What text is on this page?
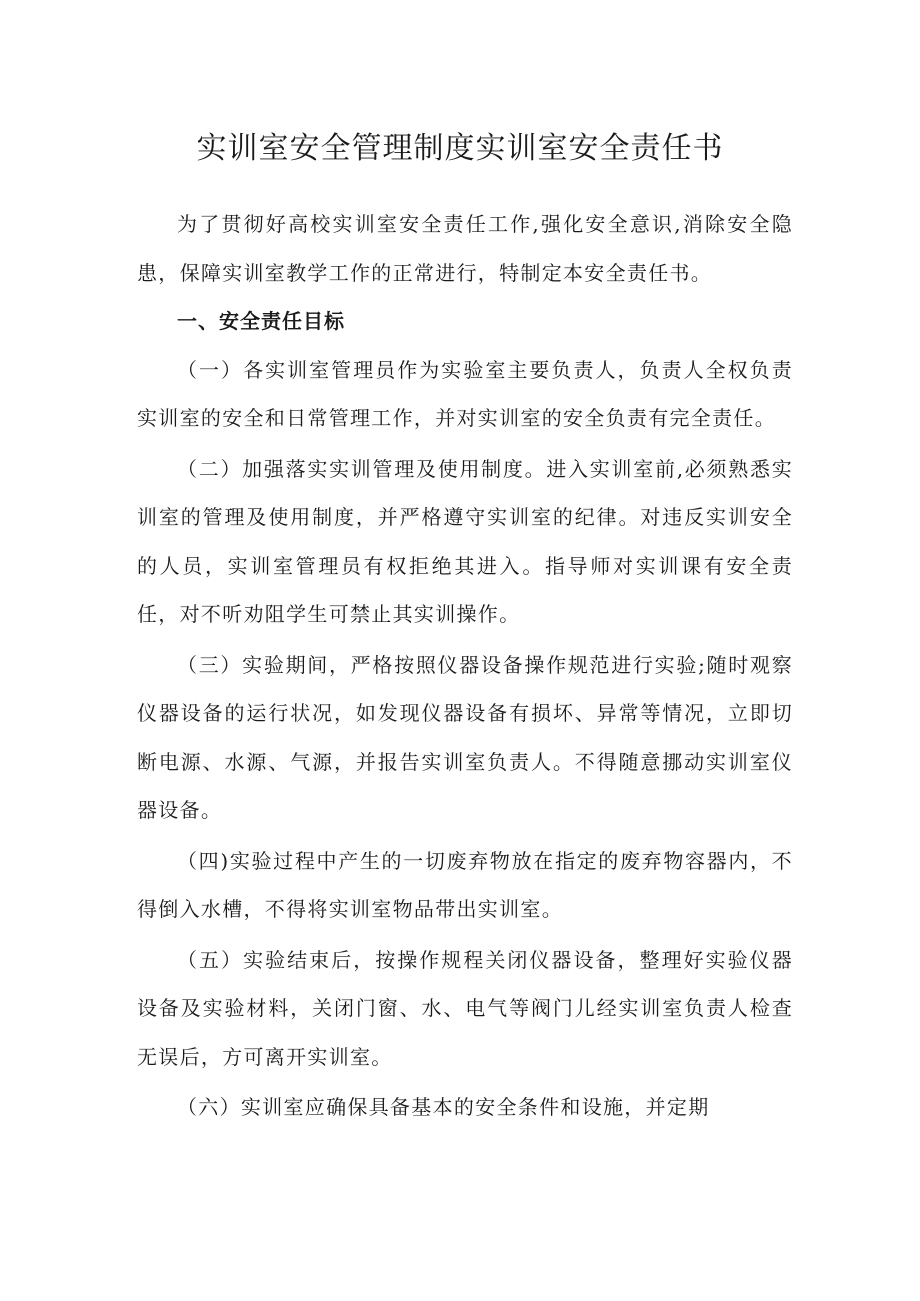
实训室安全管理制度实训室安全责任书

为了贯彻好高校实训室安全责任工作,强化安全意识,消除安全隐患，保障实训室教学工作的正常进行，特制定本安全责任书。

一、安全责任目标

（一）各实训室管理员作为实验室主要负责人，负责人全权负责实训室的安全和日常管理工作，并对实训室的安全负责有完全责任。

（二）加强落实实训管理及使用制度。进入实训室前,必须熟悉实训室的管理及使用制度，并严格遵守实训室的纪律。对违反实训安全的人员，实训室管理员有权拒绝其进入。指导师对实训课有安全责任，对不听劝阻学生可禁止其实训操作。

（三）实验期间，严格按照仪器设备操作规范进行实验;随时观察仪器设备的运行状况，如发现仪器设备有损坏、异常等情况，立即切断电源、水源、气源，并报告实训室负责人。不得随意挪动实训室仪器设备。

（四)实验过程中产生的一切废弃物放在指定的废弃物容器内，不得倒入水槽，不得将实训室物品带出实训室。

（五）实验结束后，按操作规程关闭仪器设备，整理好实验仪器设备及实验材料，关闭门窗、水、电气等阀门儿经实训室负责人检查无误后，方可离开实训室。

（六）实训室应确保具备基本的安全条件和设施，并定期
